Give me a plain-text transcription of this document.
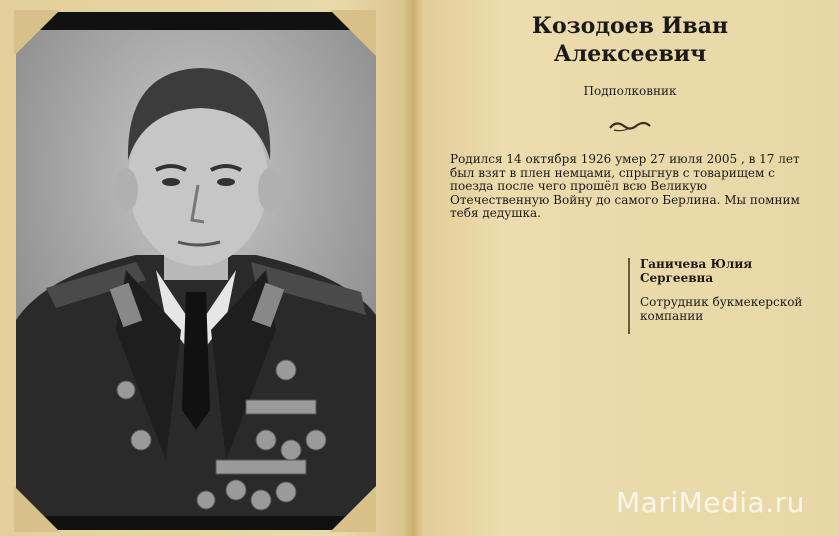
Козодоев Иван
Алексеевич
Подполковник
Родился 14 октября 1926 умер 27 июля 2005 , в 17 лет был взят в плен немцами, спрыгнув с товарищем с поезда после чего прошёл всю Великую Отечественную Войну до самого Берлина. Мы помним тебя дедушка.
Ганичева Юлия Сергеевна
Сотрудник букмекерской компании
MariMedia.ru
